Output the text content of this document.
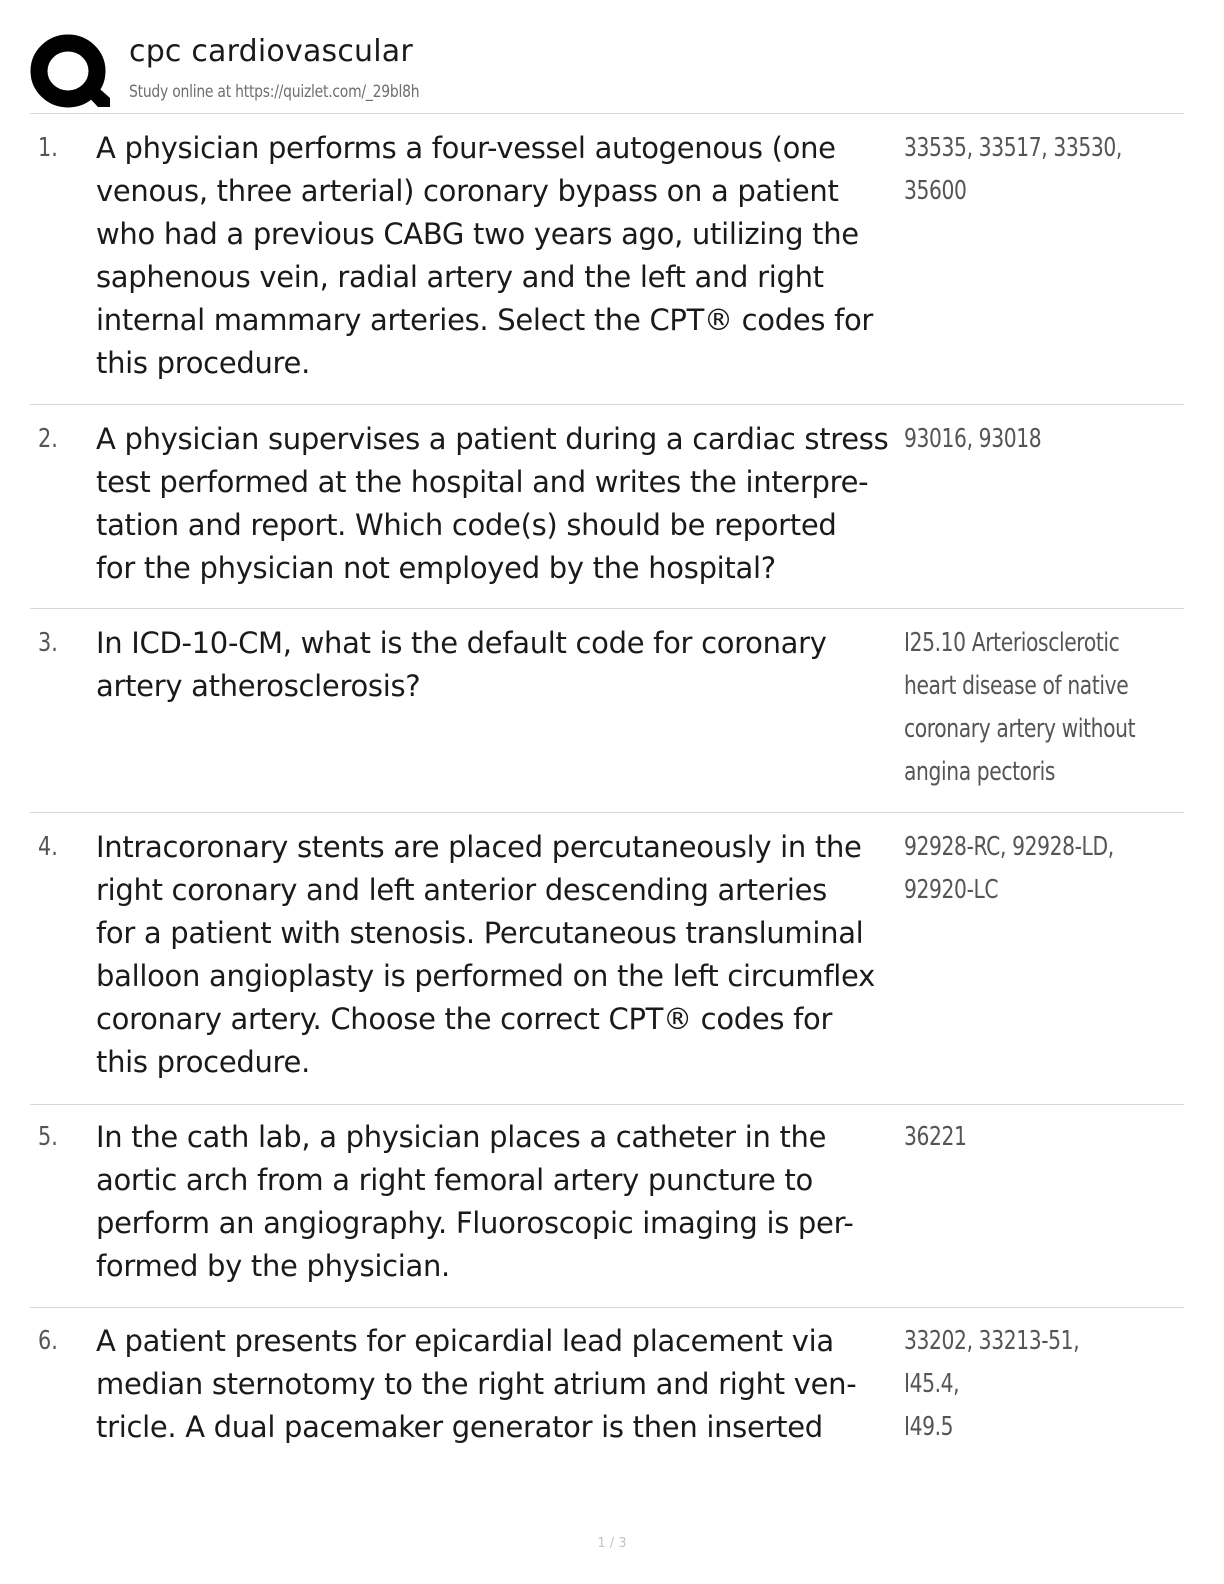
cpc cardiovascular
Study online at https://quizlet.com/_29bl8h
1. A physician performs a four-vessel autogenous (one
venous, three arterial) coronary bypass on a patient
who had a previous CABG two years ago, utilizing the
saphenous vein, radial artery and the left and right
internal mammary arteries. Select the CPT® codes for
this procedure.
33535, 33517, 33530,
35600
2. A physician supervises a patient during a cardiac stress
test performed at the hospital and writes the interpre-
tation and report. Which code(s) should be reported
for the physician not employed by the hospital?
93016, 93018
3. In ICD-10-CM, what is the default code for coronary
artery atherosclerosis?
I25.10 Arteriosclerotic
heart disease of native
coronary artery without
angina pectoris
4. Intracoronary stents are placed percutaneously in the
right coronary and left anterior descending arteries
for a patient with stenosis. Percutaneous transluminal
balloon angioplasty is performed on the left circumflex
coronary artery. Choose the correct CPT® codes for
this procedure.
92928-RC, 92928-LD,
92920-LC
5. In the cath lab, a physician places a catheter in the
aortic arch from a right femoral artery puncture to
perform an angiography. Fluoroscopic imaging is per-
formed by the physician.
36221
6. A patient presents for epicardial lead placement via
median sternotomy to the right atrium and right ven-
tricle. A dual pacemaker generator is then inserted
33202, 33213-51, I45.4,
I49.5
1 / 3
